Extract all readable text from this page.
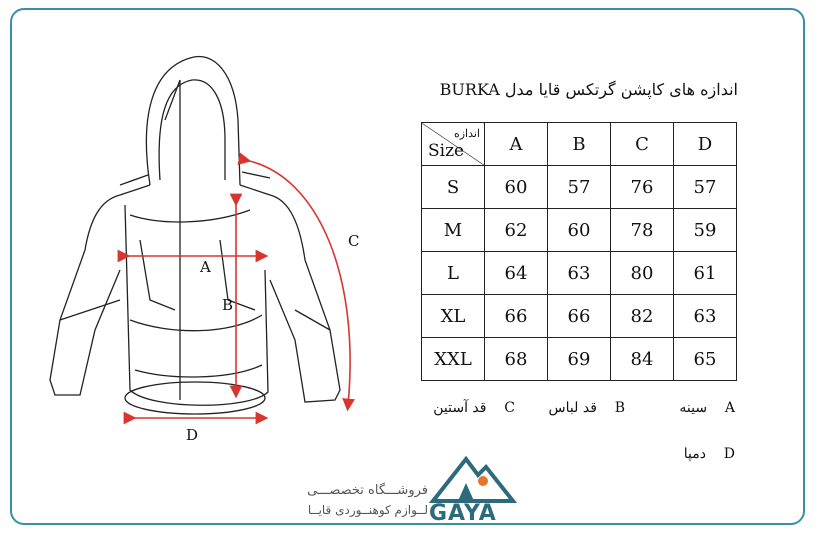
A
B
C
D
اندازه های کاپشن گرتکس قایا مدل BURKA
اندازه
Size	A	B	C	D
S	60	57	76	57
M	62	60	78	59
L	64	63	80	61
XL	66	66	82	63
XXL	68	69	84	65
A    سینه
B    قد لباس
C    قد آستین
D    دمپا
فروشـــگاه تخصصـــی
لــوازم کوهنــوردی قایــا GAYA
